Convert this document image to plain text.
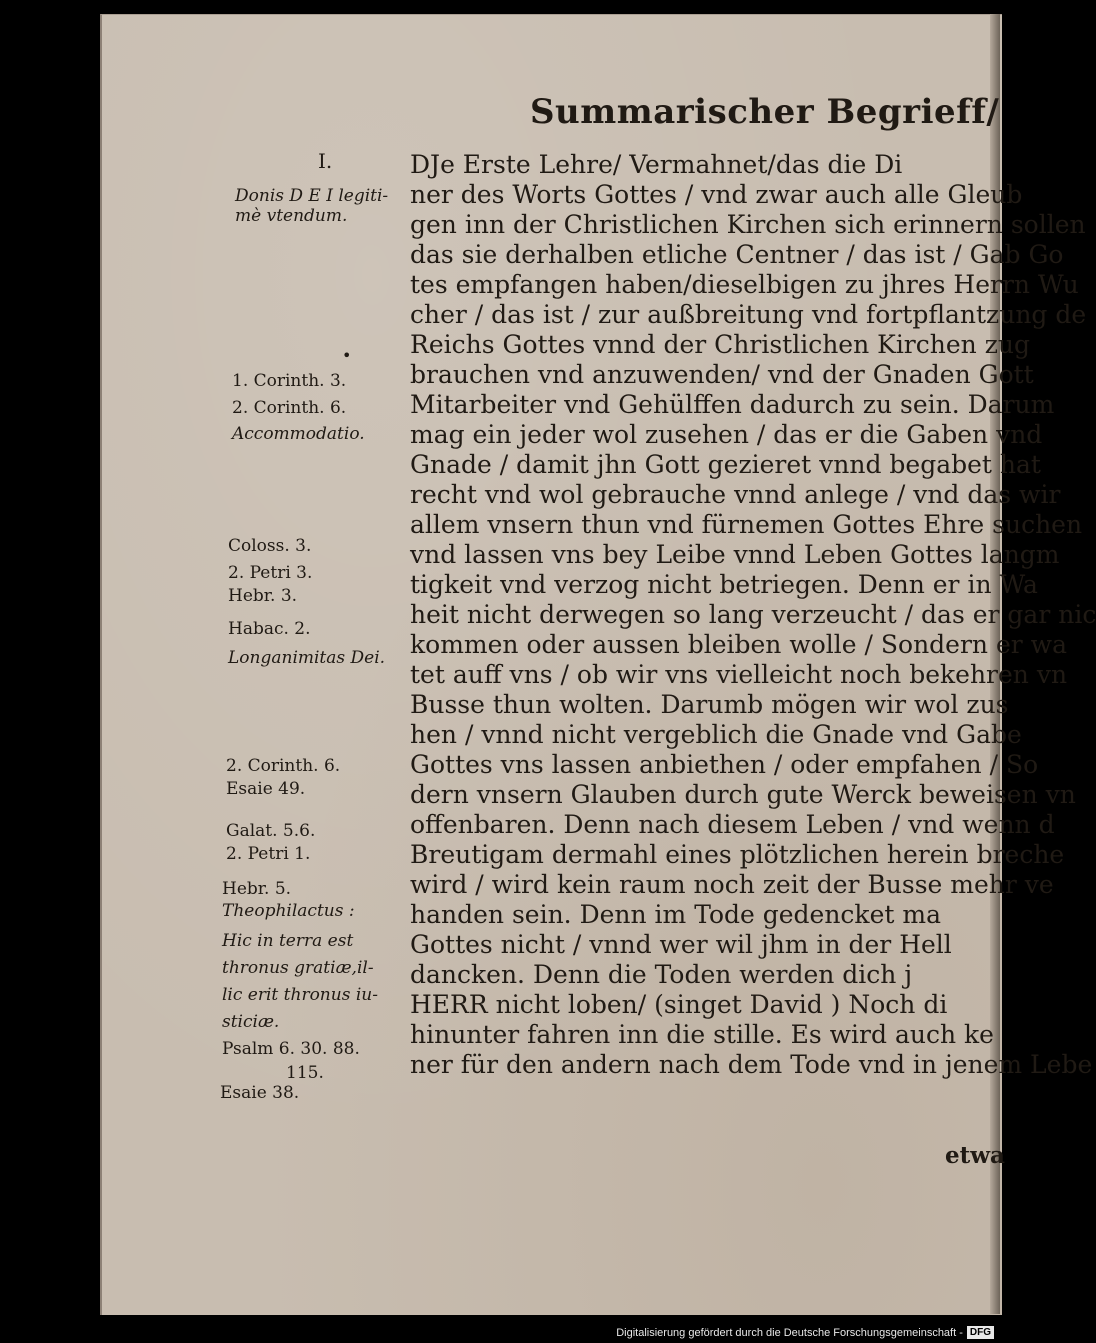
Summarischer Begrieff/
DJe Erste Lehre/ Vermahnet/das die Di
ner des Worts Gottes / vnd zwar auch alle Gleub
gen inn der Christlichen Kirchen sich erinnern sollen
das sie derhalben etliche Centner / das ist / Gab Go
tes empfangen haben/dieselbigen zu jhres Herrn Wu
cher / das ist / zur außbreitung vnd fortpflantzung de
Reichs Gottes vnnd der Christlichen Kirchen zug
brauchen vnd anzuwenden/ vnd der Gnaden Gott
Mitarbeiter vnd Gehülffen dadurch zu sein. Darum
mag ein jeder wol zusehen / das er die Gaben vnd
Gnade / damit jhn Gott gezieret vnnd begabet hat
recht vnd wol gebrauche vnnd anlege / vnd das wir
allem vnsern thun vnd fürnemen Gottes Ehre suchen
vnd lassen vns bey Leibe vnnd Leben Gottes langm
tigkeit vnd verzog nicht betriegen. Denn er in Wa
heit nicht derwegen so lang verzeucht / das er gar nic
kommen oder aussen bleiben wolle / Sondern er wa
tet auff vns / ob wir vns vielleicht noch bekehren vn
Busse thun wolten. Darumb mögen wir wol zus
hen / vnnd nicht vergeblich die Gnade vnd Gabe
Gottes vns lassen anbiethen / oder empfahen / So
dern vnsern Glauben durch gute Werck beweisen vn
offenbaren. Denn nach diesem Leben / vnd wenn d
Breutigam dermahl eines plötzlichen herein breche
wird / wird kein raum noch zeit der Busse mehr ve
handen sein. Denn im Tode gedencket ma
Gottes nicht / vnnd wer wil jhm in der Hell
dancken. Denn die Toden werden dich j
HERR nicht loben/ (singet David ) Noch di
hinunter fahren inn die stille. Es wird auch ke
ner für den andern nach dem Tode vnd in jenem Lebe
etwa
I.
Donis D E I legiti-
mè vtendum.
•
1. Corinth. 3.
2. Corinth. 6.
Accommodatio.
Coloss. 3.
2. Petri 3.
Hebr. 3.
Habac. 2.
Longanimitas Dei.
2. Corinth. 6.
Esaie 49.
Galat. 5.6.
2. Petri 1.
Hebr. 5.
Theophilactus :
Hic in terra est
thronus gratiæ,il-
lic erit thronus iu-
sticiæ.
Psalm 6. 30. 88.
115.
Esaie 38.
Digitalisierung gefördert durch die Deutsche Forschungsgemeinschaft - DFG
